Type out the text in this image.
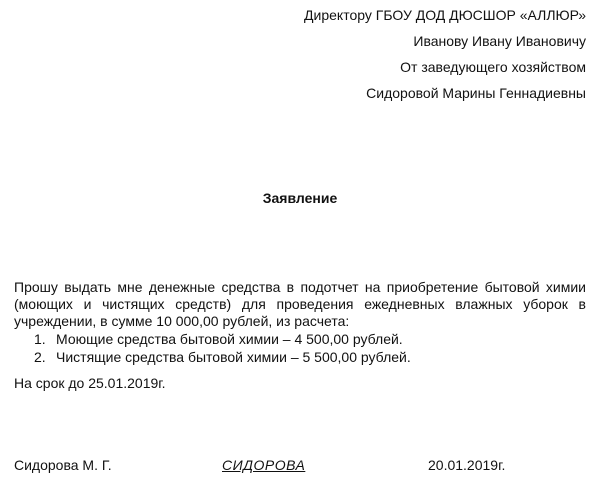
Директору ГБОУ ДОД ДЮСШОР «АЛЛЮР»
Иванову Ивану Ивановичу
От заведующего хозяйством
Сидоровой Марины Геннадиевны
Заявление
Прошу выдать мне денежные средства в подотчет на приобретение бытовой химии (моющих и чистящих средств) для проведения ежедневных влажных уборок в учреждении, в сумме 10 000,00 рублей, из расчета:
1. Моющие средства бытовой химии – 4 500,00 рублей.
2. Чистящие средства бытовой химии – 5 500,00 рублей.
На срок до 25.01.2019г.
Сидорова М. Г.	СИДОРОВА	20.01.2019г.
